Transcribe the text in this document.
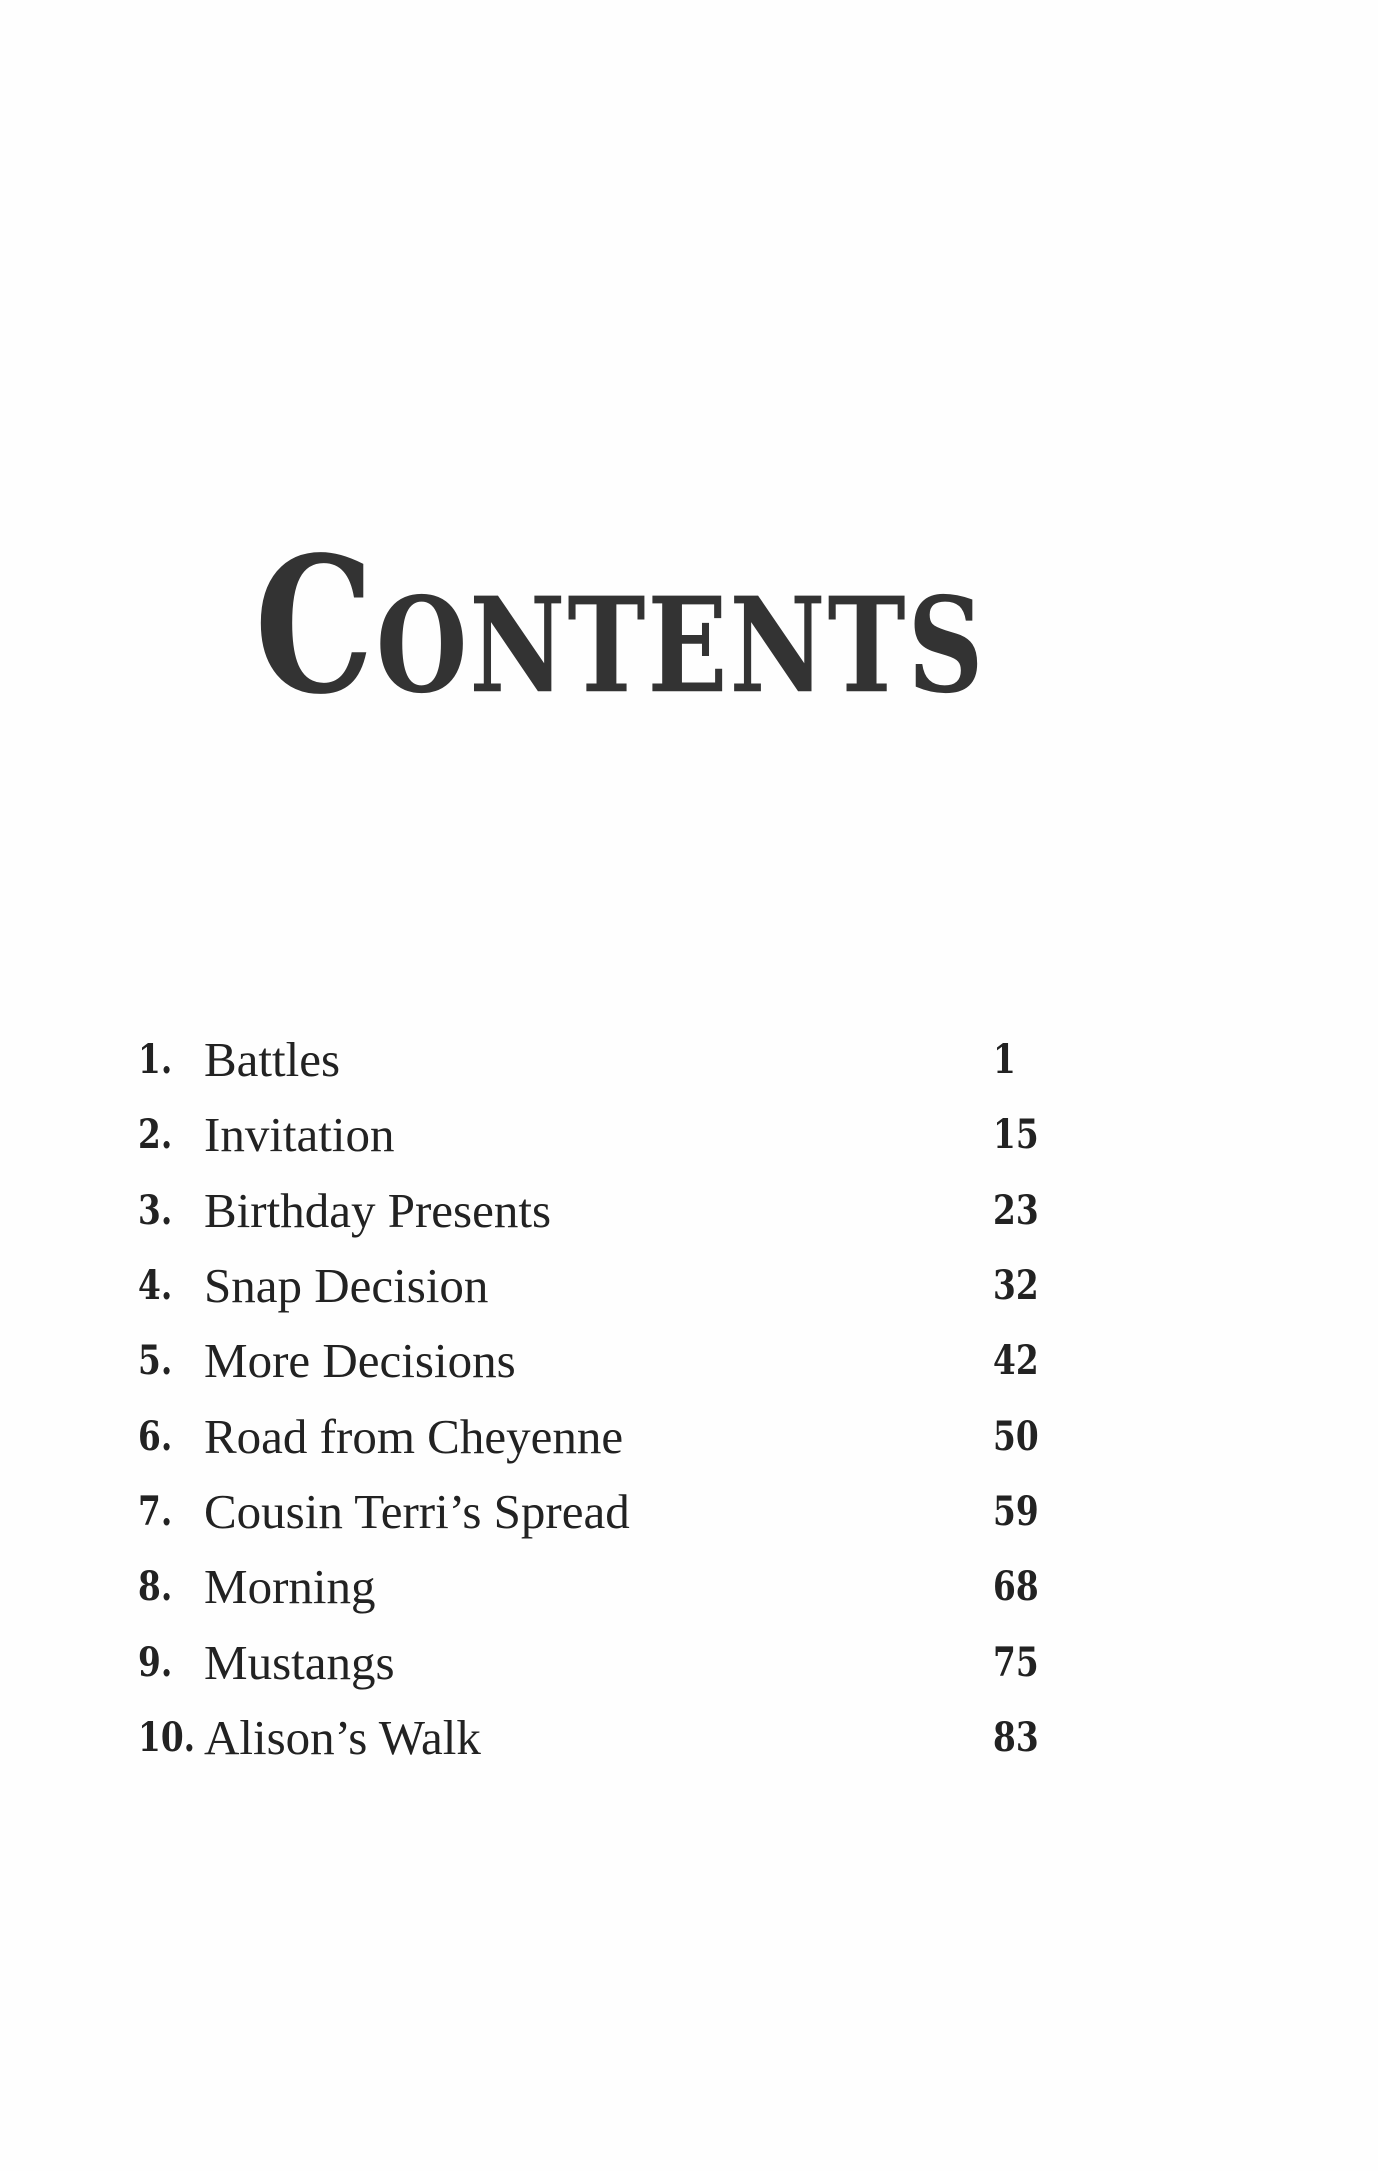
Contents
1. Battles	1
2. Invitation	15
3. Birthday Presents	23
4. Snap Decision	32
5. More Decisions	42
6. Road from Cheyenne	50
7. Cousin Terri’s Spread	59
8. Morning	68
9. Mustangs	75
10. Alison’s Walk	83
